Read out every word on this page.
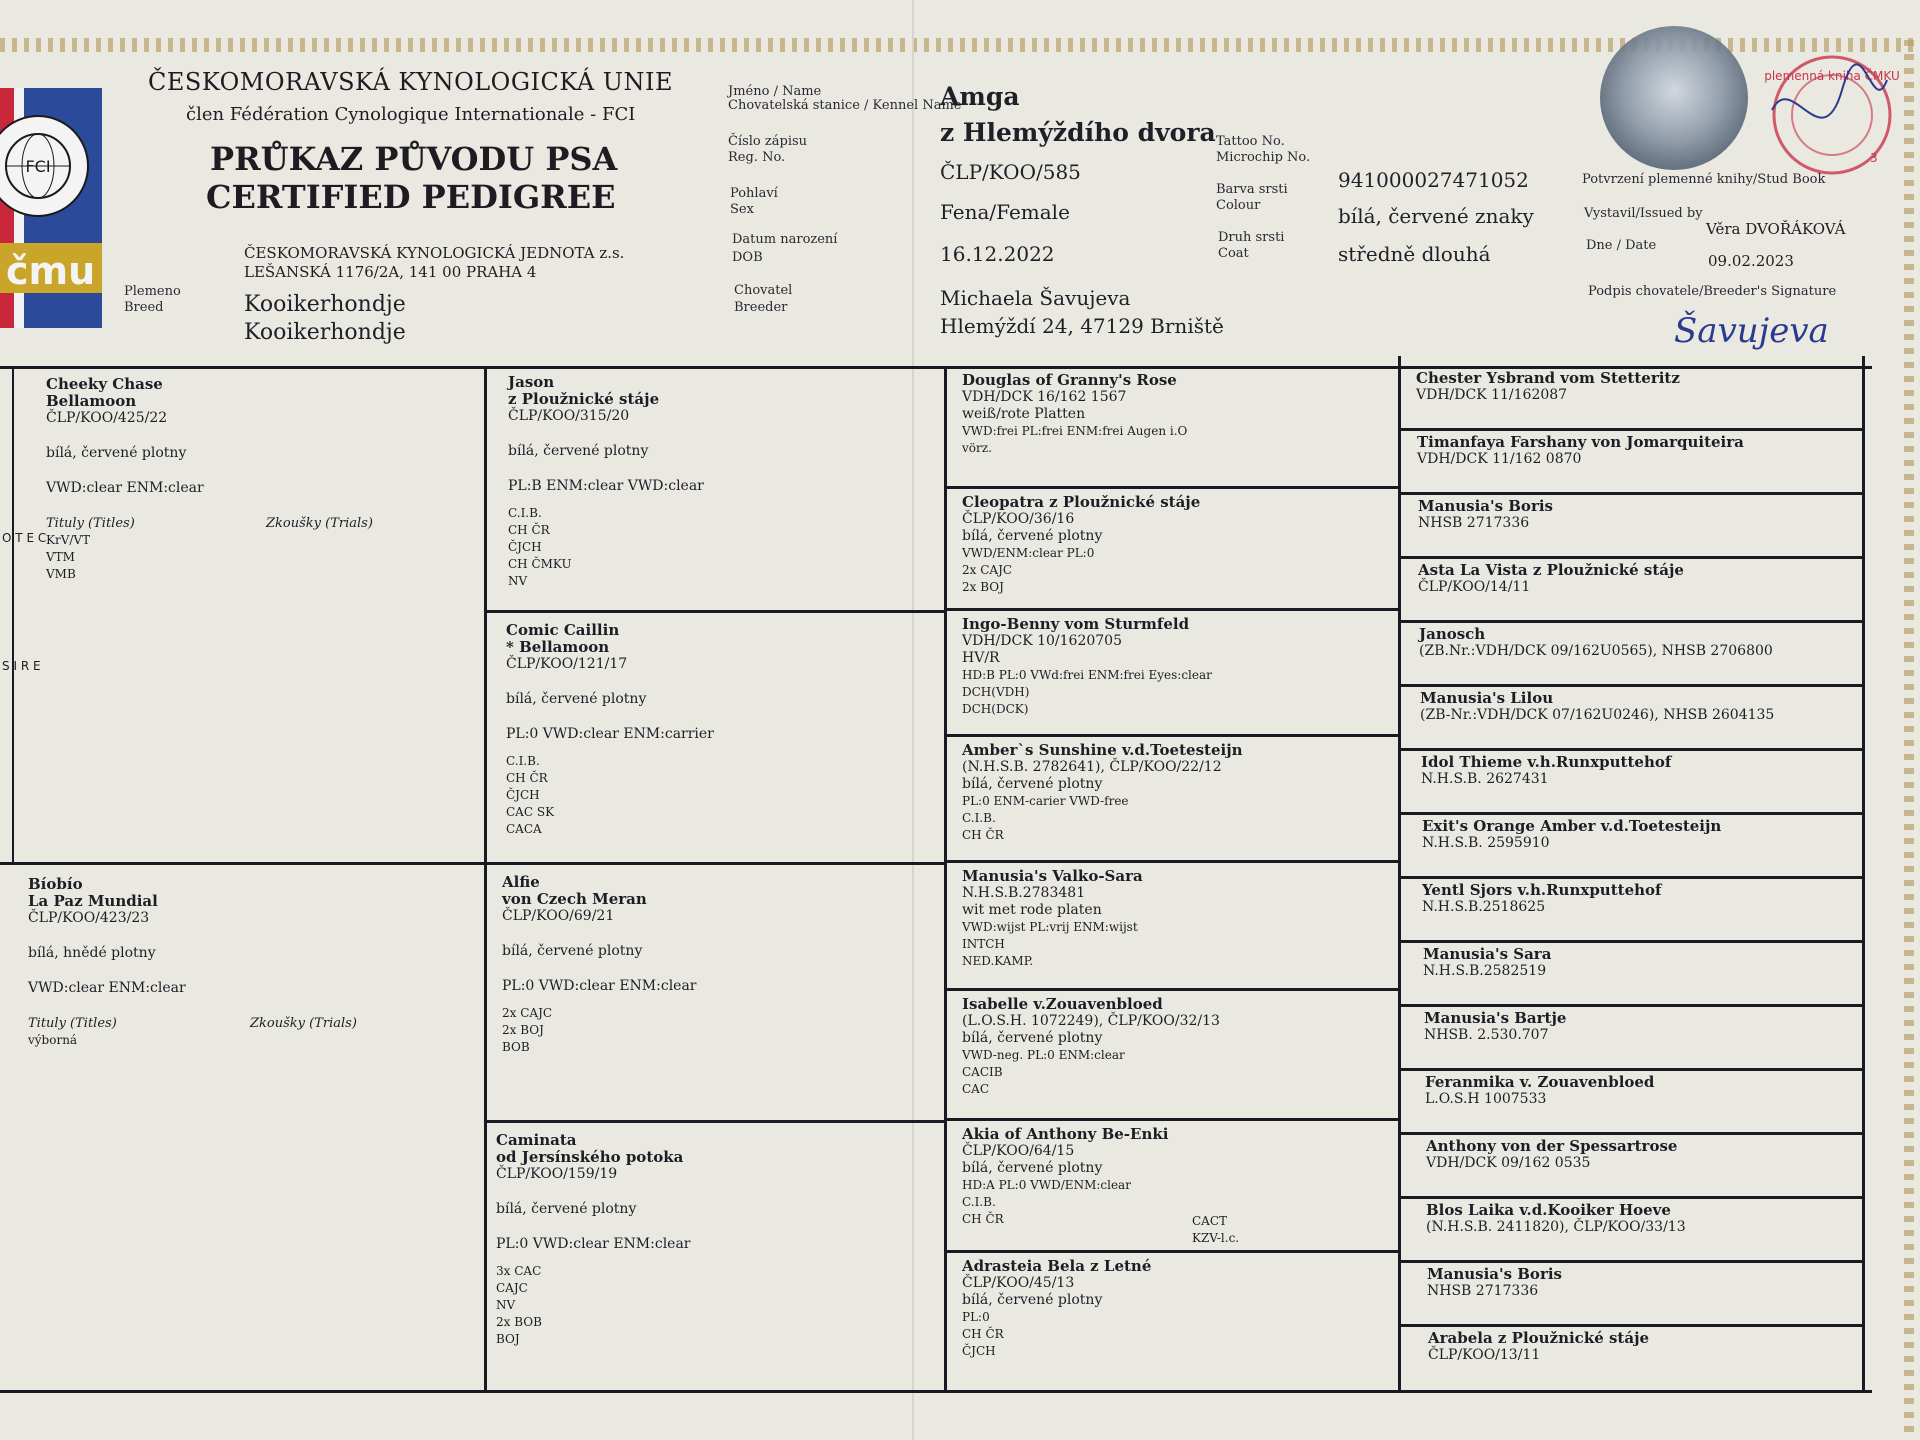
FCI
čmu
ČESKOMORAVSKÁ KYNOLOGICKÁ UNIE
člen Fédération Cynologique Internationale - FCI
PRŮKAZ PŮVODU PSA
CERTIFIED PEDIGREE
ČESKOMORAVSKÁ KYNOLOGICKÁ JEDNOTA z.s.
LEŠANSKÁ 1176/2A, 141 00 PRAHA 4
Plemeno
Breed	Kooikerhondje
Kooikerhondje
Jméno / Name
Chovatelská stanice / Kennel Name
Amga
z Hlemýždího dvora
Číslo zápisu
Reg. No.
ČLP/KOO/585
Pohlaví
Sex	Fena/Female
Datum narození
DOB	16.12.2022
Chovatel
Breeder	Michaela Šavujeva
Hlemýždí 24, 47129 Brniště
Tattoo No.
Microchip No.
941000027471052
Barva srsti
Colour	bílá, červené znaky
Druh srsti
Coat	středně dlouhá
plemenná kniha ČMKU
3
Potvrzení plemenné knihy/Stud Book
Vystavil/Issued by
Věra DVOŘÁKOVÁ
Dne / Date
09.02.2023
Podpis chovatele/Breeder's Signature
Šavujeva
O T E C
S I R E
Cheeky Chase
Bellamoon
ČLP/KOO/425/22
bílá, červené plotny
VWD:clear ENM:clear
Tituly (Titles)	Zkoušky (Trials)
KrV/VT
VTM
VMB
Bíobío
La Paz Mundial
ČLP/KOO/423/23
bílá, hnědé plotny
VWD:clear ENM:clear
Tituly (Titles)	Zkoušky (Trials)
výborná
Jason
z Ploužnické stáje
ČLP/KOO/315/20
bílá, červené plotny
PL:B ENM:clear VWD:clear
C.I.B.
CH ČR
ČJCH
CH ČMKU
NV
Comic Caillin
* Bellamoon
ČLP/KOO/121/17
bílá, červené plotny
PL:0 VWD:clear ENM:carrier
C.I.B.
CH ČR
ČJCH
CAC SK
CACA
Alfie
von Czech Meran
ČLP/KOO/69/21
bílá, červené plotny
PL:0 VWD:clear ENM:clear
2x CAJC
2x BOJ
BOB
Caminata
od Jersínského potoka
ČLP/KOO/159/19
bílá, červené plotny
PL:0 VWD:clear ENM:clear
3x CAC
CAJC
NV
2x BOB
BOJ
Douglas of Granny's Rose
VDH/DCK 16/162 1567
weiß/rote Platten
VWD:frei PL:frei ENM:frei Augen i.O
vörz.
Cleopatra z Ploužnické stáje
ČLP/KOO/36/16
bílá, červené plotny
VWD/ENM:clear PL:0
2x CAJC
2x BOJ
Ingo-Benny vom Sturmfeld
VDH/DCK 10/1620705
HV/R
HD:B PL:0 VWd:frei ENM:frei Eyes:clear
DCH(VDH)
DCH(DCK)
Amber`s Sunshine v.d.Toetesteijn
(N.H.S.B. 2782641), ČLP/KOO/22/12
bílá, červené plotny
PL:0 ENM-carier VWD-free
C.I.B.
CH ČR
Manusia's Valko-Sara
N.H.S.B.2783481
wit met rode platen
VWD:wijst PL:vrij ENM:wijst
INTCH
NED.KAMP.
Isabelle v.Zouavenbloed
(L.O.S.H. 1072249), ČLP/KOO/32/13
bílá, červené plotny
VWD-neg. PL:0 ENM:clear
CACIB
CAC
Akia of Anthony Be-Enki
ČLP/KOO/64/15
bílá, červené plotny
HD:A PL:0 VWD/ENM:clear
C.I.B.
CH ČR	CACT
KZV-l.c.
Adrasteia Bela z Letné
ČLP/KOO/45/13
bílá, červené plotny
PL:0
CH ČR
ČJCH
Chester Ysbrand vom Stetteritz
VDH/DCK 11/162087
Timanfaya Farshany von Jomarquiteira
VDH/DCK 11/162 0870
Manusia's Boris
NHSB 2717336
Asta La Vista z Ploužnické stáje
ČLP/KOO/14/11
Janosch
(ZB.Nr.:VDH/DCK 09/162U0565), NHSB 2706800
Manusia's Lilou
(ZB-Nr.:VDH/DCK 07/162U0246), NHSB 2604135
Idol Thieme v.h.Runxputtehof
N.H.S.B. 2627431
Exit's Orange Amber v.d.Toetesteijn
N.H.S.B. 2595910
Yentl Sjors v.h.Runxputtehof
N.H.S.B.2518625
Manusia's Sara
N.H.S.B.2582519
Manusia's Bartje
NHSB. 2.530.707
Feranmika v. Zouavenbloed
L.O.S.H 1007533
Anthony von der Spessartrose
VDH/DCK 09/162 0535
Blos Laika v.d.Kooiker Hoeve
(N.H.S.B. 2411820), ČLP/KOO/33/13
Manusia's Boris
NHSB 2717336
Arabela z Ploužnické stáje
ČLP/KOO/13/11
